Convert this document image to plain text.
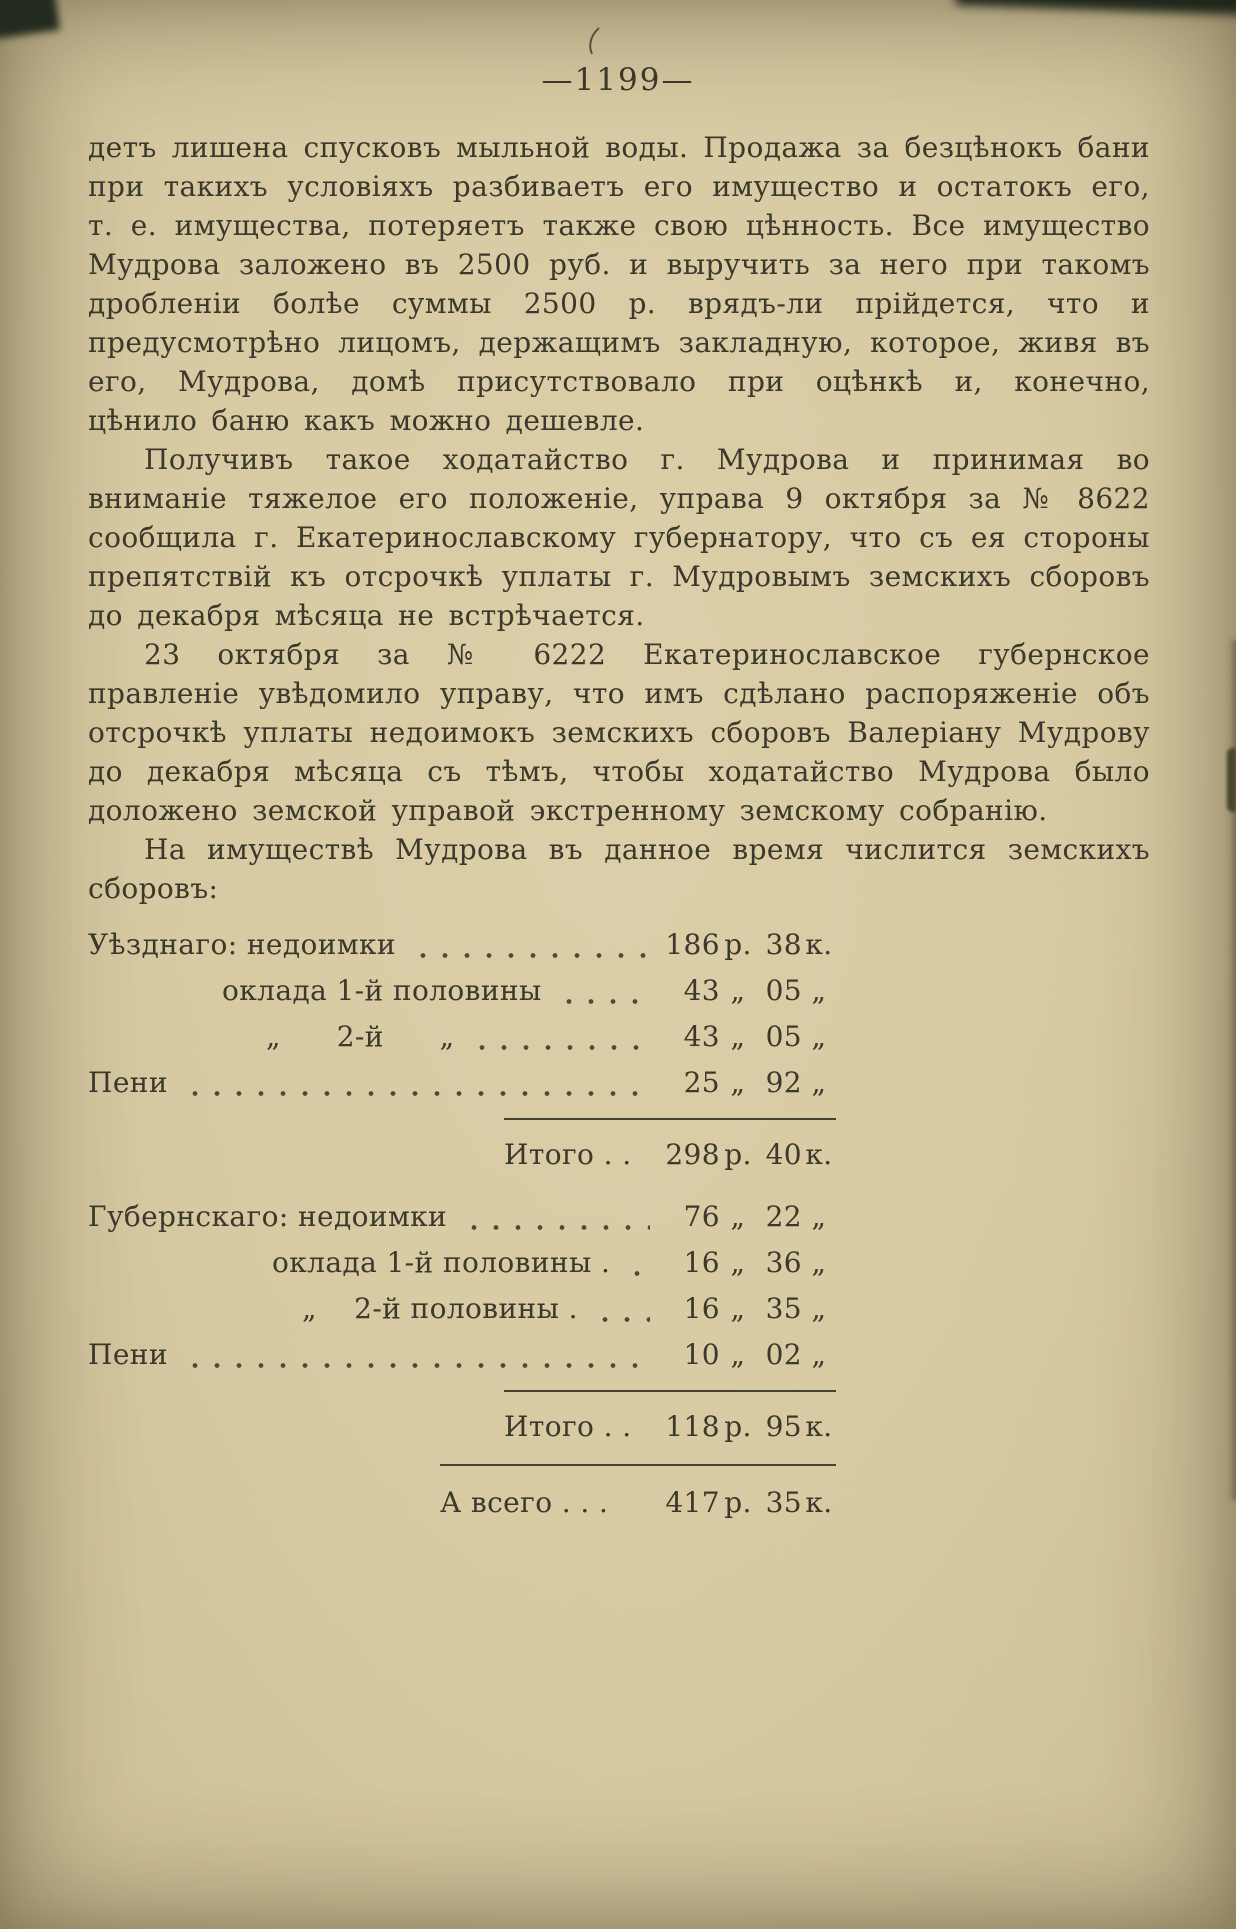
—1199—

детъ лишена спусковъ мыльной воды. Продажа за безцѣнокъ бани при такихъ условіяхъ разбиваетъ его имущество и остатокъ его, т. е. имущества, потеряетъ также свою цѣнность. Все имущество Мудрова заложено въ 2500 руб. и выручить за него при такомъ дробленіи болѣе суммы 2500 р. врядъ-ли прійдется, что и предусмотрѣно лицомъ, держащимъ закладную, которое, живя въ его, Мудрова, домѣ присутствовало при оцѣнкѣ и, конечно, цѣнило баню какъ можно дешевле.

Получивъ такое ходатайство г. Мудрова и принимая во вниманіе тяжелое его положеніе, управа 9 октября за № 8622 сообщила г. Екатеринославскому губернатору, что съ ея стороны препятствій къ отсрочкѣ уплаты г. Мудровымъ земскихъ сборовъ до декабря мѣсяца не встрѣчается.

23 октября за № 6222 Екатеринославское губернское правленіе увѣдомило управу, что имъ сдѣлано распоряженіе объ отсрочкѣ уплаты недоимокъ земскихъ сборовъ Валеріану Мудрову до декабря мѣсяца съ тѣмъ, чтобы ходатайство Мудрова было доложено земской управой экстренному земскому собранію.

На имуществѣ Мудрова въ данное время числится земскихъ сборовъ:

Уѣзднаго: недоимки	186 р. 38 к.
оклада 1-й половины	43 „ 05 „
„      2-й      „	43 „ 05 „
Пени	25 „ 92 „
Итого . . 298 р. 40 к.
Губернскаго: недоимки	76 „ 22 „
оклада 1-й половины .	16 „ 36 „
„    2-й половины .	16 „ 35 „
Пени	10 „ 02 „
Итого . . 118 р. 95 к.
А всего . . . 417 р. 35 к.
